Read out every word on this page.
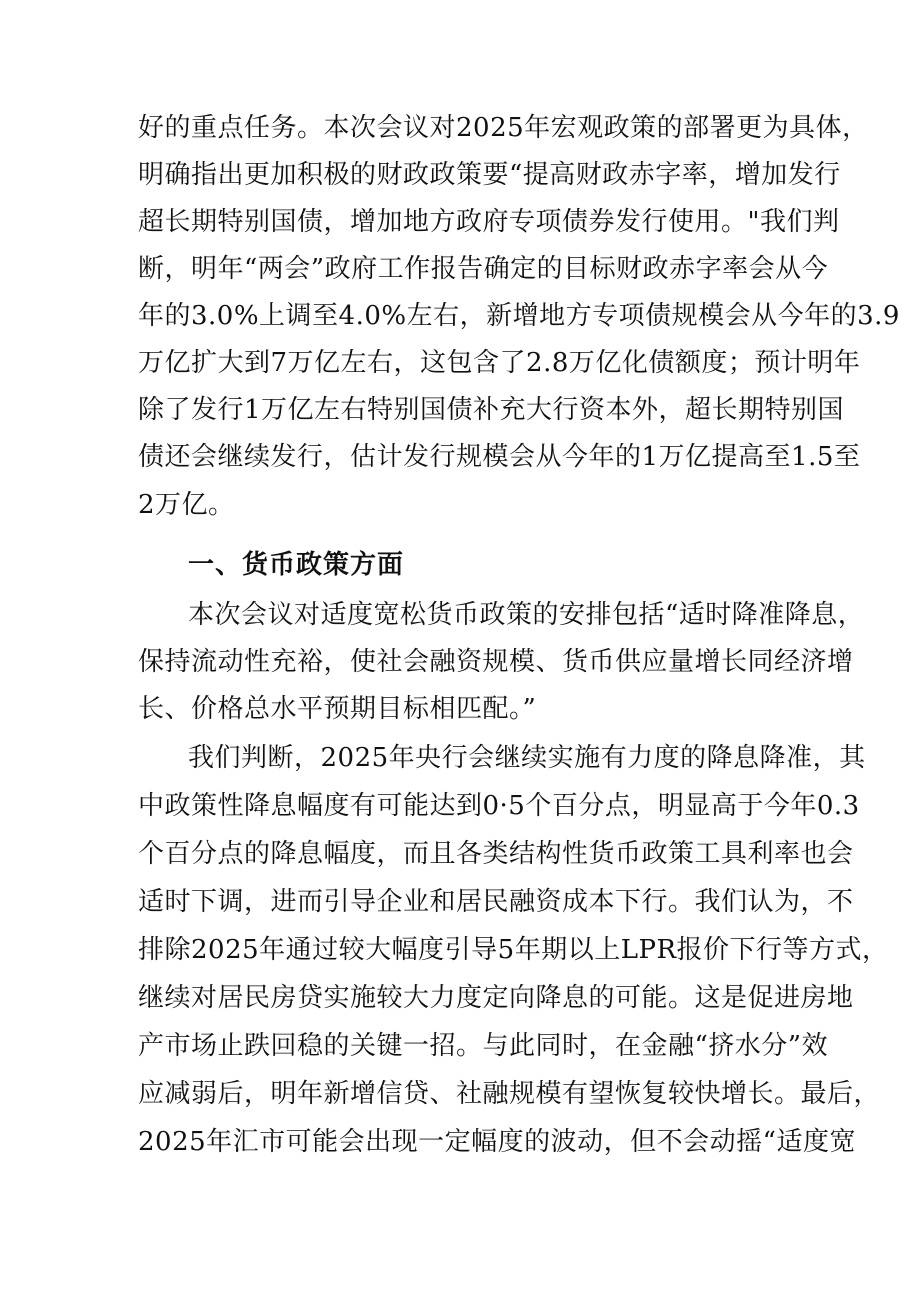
好的重点任务。本次会议对2025年宏观政策的部署更为具体，
明确指出更加积极的财政政策要“提高财政赤字率，增加发行
超长期特别国债，增加地方政府专项债券发行使用。"我们判
断，明年“两会”政府工作报告确定的目标财政赤字率会从今
年的3.0%上调至4.0%左右，新增地方专项债规模会从今年的3.9
万亿扩大到7万亿左右，这包含了2.8万亿化债额度；预计明年
除了发行1万亿左右特别国债补充大行资本外，超长期特别国
债还会继续发行，估计发行规模会从今年的1万亿提高至1.5至
2万亿。
一、货币政策方面
本次会议对适度宽松货币政策的安排包括“适时降准降息，
保持流动性充裕，使社会融资规模、货币供应量增长同经济增
长、价格总水平预期目标相匹配。”
我们判断，2025年央行会继续实施有力度的降息降准，其
中政策性降息幅度有可能达到0·5个百分点，明显高于今年0.3
个百分点的降息幅度，而且各类结构性货币政策工具利率也会
适时下调，进而引导企业和居民融资成本下行。我们认为，不
排除2025年通过较大幅度引导5年期以上LPR报价下行等方式，
继续对居民房贷实施较大力度定向降息的可能。这是促进房地
产市场止跌回稳的关键一招。与此同时，在金融“挤水分”效
应减弱后，明年新增信贷、社融规模有望恢复较快增长。最后，
2025年汇市可能会出现一定幅度的波动，但不会动摇“适度宽
